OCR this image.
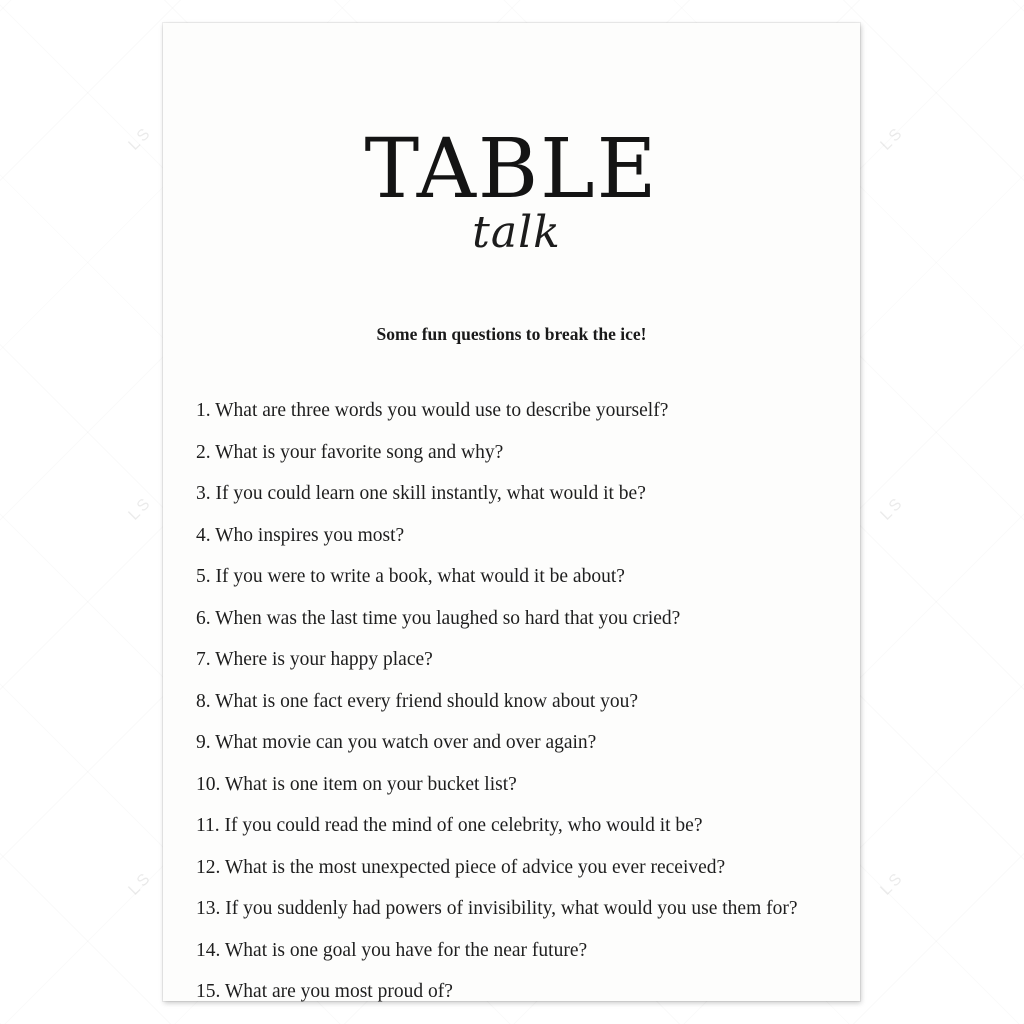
LS	LS
LS	LS
LS	LS
TABLE
talk

Some fun questions to break the ice!

1. What are three words you would use to describe yourself?
2. What is your favorite song and why?
3. If you could learn one skill instantly, what would it be?
4. Who inspires you most?
5. If you were to write a book, what would it be about?
6. When was the last time you laughed so hard that you cried?
7. Where is your happy place?
8. What is one fact every friend should know about you?
9. What movie can you watch over and over again?
10. What is one item on your bucket list?
11. If you could read the mind of one celebrity, who would it be?
12. What is the most unexpected piece of advice you ever received?
13. If you suddenly had powers of invisibility, what would you use them for?
14. What is one goal you have for the near future?
15. What are you most proud of?
